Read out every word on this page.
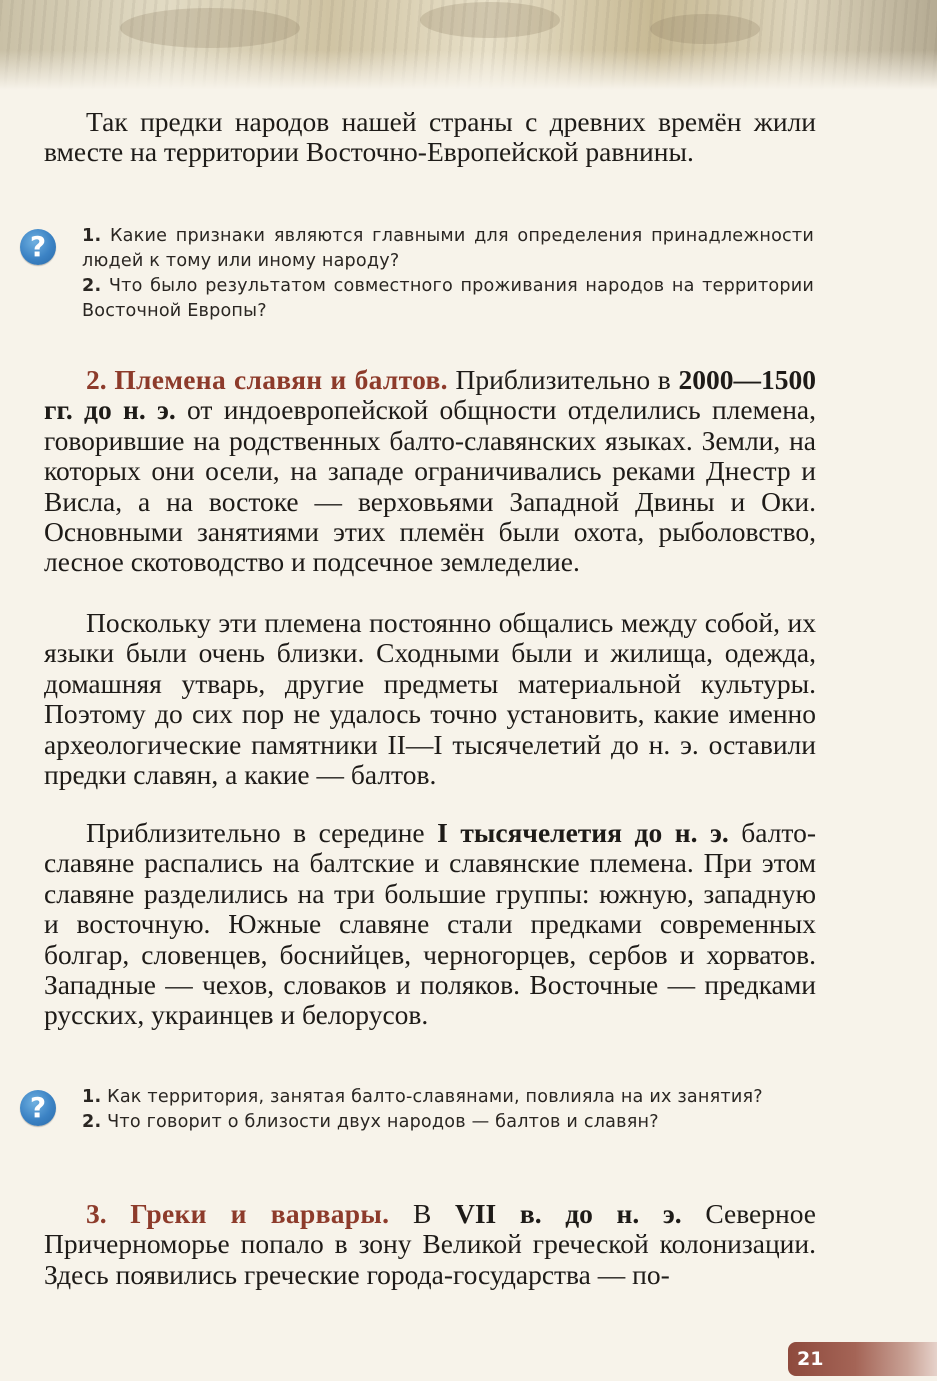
Так предки народов нашей страны с древних времён жили вместе на территории Восточно-Европейской равнины.

?	1. Какие признаки являются главными для определения принадлежности людей к тому или иному народу?

2. Что было результатом совместного проживания народов на территории Восточной Европы?

2. Племена славян и балтов. Приблизительно в 2000—1500 гг. до н. э. от индоевропейской общности отделились племена, говорившие на родственных балто-славянских языках. Земли, на которых они осели, на западе ограничивались реками Днестр и Висла, а на востоке — верховьями Западной Двины и Оки. Основными занятиями этих племён были охота, рыболовство, лесное скотоводство и подсечное земледелие.

Поскольку эти племена постоянно общались между собой, их языки были очень близки. Сходными были и жилища, одежда, домашняя утварь, другие предметы материальной культуры. Поэтому до сих пор не удалось точно установить, какие именно археологические памятники II—I тысячелетий до н. э. оставили предки славян, а какие — балтов.

Приблизительно в середине I тысячелетия до н. э. балто-славяне распались на балтские и славянские племена. При этом славяне разделились на три большие группы: южную, западную и восточную. Южные славяне стали предками современных болгар, словенцев, боснийцев, черногорцев, сербов и хорватов. Западные — чехов, словаков и поляков. Восточные — предками русских, украинцев и белорусов.

?	1. Как территория, занятая балто-славянами, повлияла на их занятия?

2. Что говорит о близости двух народов — балтов и славян?

3. Греки и варвары. В VII в. до н. э. Северное Причерноморье попало в зону Великой греческой колонизации. Здесь появились греческие города-государства — по-

21
